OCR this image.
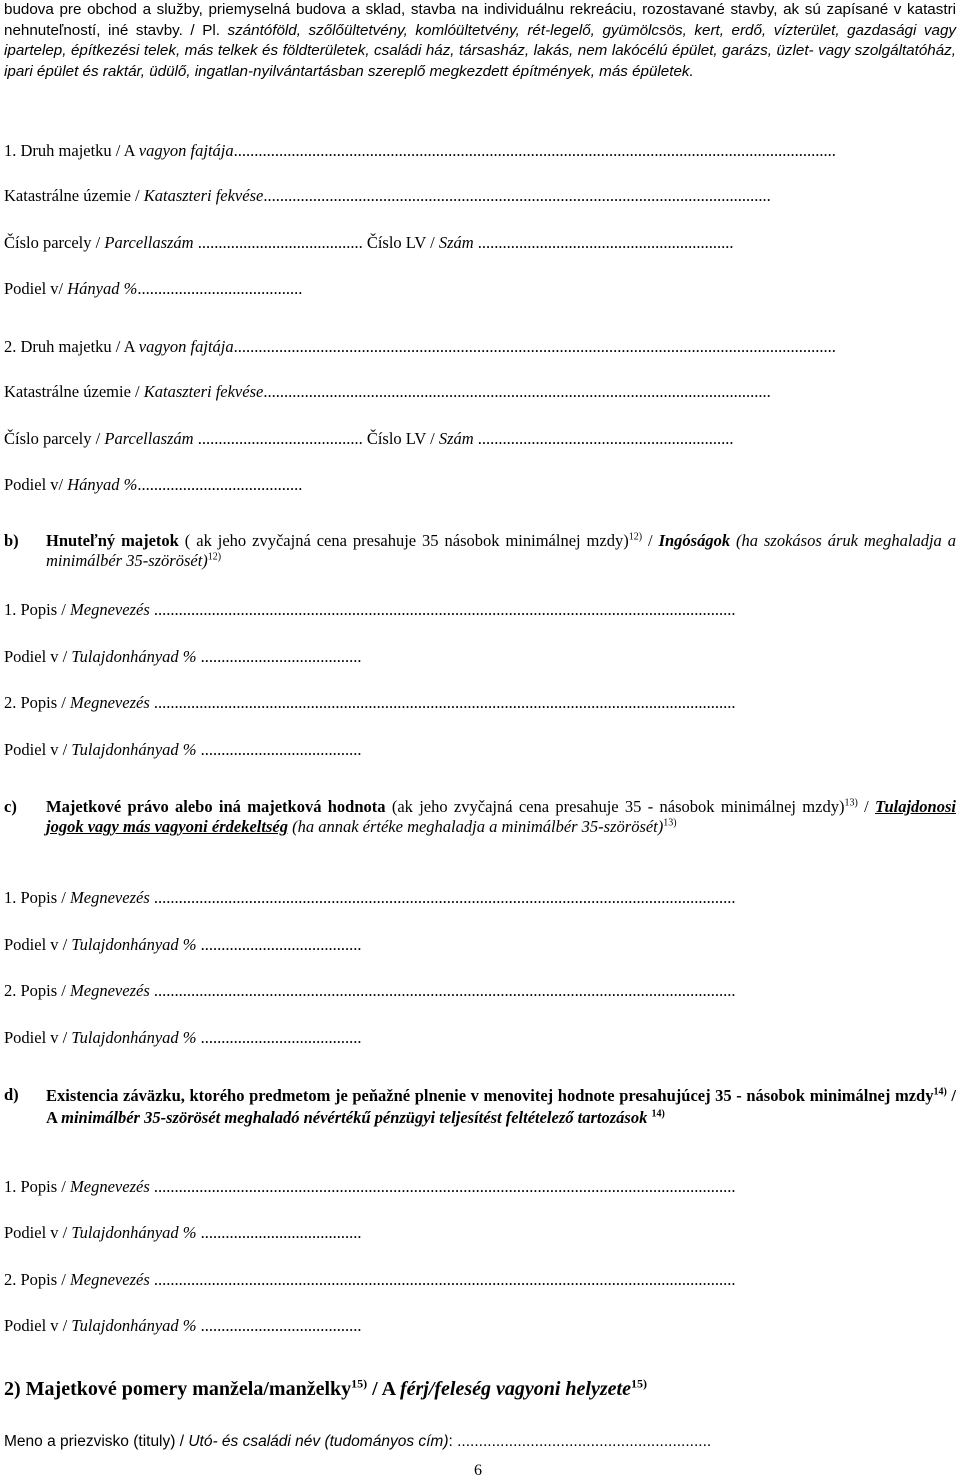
budova pre obchod a služby, priemyselná budova a sklad, stavba na individuálnu rekreáciu, rozostavané stavby, ak sú zapísané v katastri nehnuteľností, iné stavby. / Pl. szántóföld, szőlőültetvény, komlóültetvény, rét-legelő, gyümölcsös, kert, erdő, vízterület, gazdasági vagy ipartelep, építkezési telek, más telkek és földterületek, családi ház, társasház, lakás, nem lakócélú épület, garázs, üzlet- vagy szolgáltatóház, ipari épület és raktár, üdülő, ingatlan-nyilvántartásban szereplő megkezdett építmények, más épületek.
1. Druh majetku / A vagyon fajtája..................................................................................................................................................
Katastrálne územie / Kataszteri fekvése...........................................................................................................................
Číslo parcely / Parcellaszám ........................................ Číslo LV / Szám ..............................................................
Podiel v/ Hányad %........................................
2. Druh majetku / A vagyon fajtája..................................................................................................................................................
Katastrálne územie / Kataszteri fekvése...........................................................................................................................
Číslo parcely / Parcellaszám ........................................ Číslo LV / Szám ..............................................................
Podiel v/ Hányad %........................................
b) Hnuteľný majetok ( ak jeho zvyčajná cena presahuje 35 násobok minimálnej mzdy)$^{12)}$ / Ingóságok (ha szokásos áruk meghaladja a minimálbér 35-szörösét)$^{12)}$
1. Popis / Megnevezés .............................................................................................................................................
Podiel v / Tulajdonhányad % .......................................
2. Popis / Megnevezés .............................................................................................................................................
Podiel v / Tulajdonhányad % .......................................
c) Majetkové právo alebo iná majetková hodnota (ak jeho zvyčajná cena presahuje 35 - násobok minimálnej mzdy)$^{13)}$ / Tulajdonosi jogok vagy más vagyoni érdekeltség (ha annak értéke meghaladja a minimálbér 35-szörösét)$^{13)}$
1. Popis / Megnevezés .............................................................................................................................................
Podiel v / Tulajdonhányad % .......................................
2. Popis / Megnevezés .............................................................................................................................................
Podiel v / Tulajdonhányad % .......................................
d) Existencia záväzku, ktorého predmetom je peňažné plnenie v menovitej hodnote presahujúcej 35 - násobok minimálnej mzdy$^{14)}$ / A minimálbér 35-szörösét meghaladó névértékű pénzügyi teljesítést feltételező tartozások $^{14)}$
1. Popis / Megnevezés .............................................................................................................................................
Podiel v / Tulajdonhányad % .......................................
2. Popis / Megnevezés .............................................................................................................................................
Podiel v / Tulajdonhányad % .......................................
2) Majetkové pomery manžela/manželky$^{15)}$ / A férj/feleség vagyoni helyzete$^{15)}$
Meno a priezvisko (tituly) / Utó- és családi név (tudományos cím): ...........................................................
6
